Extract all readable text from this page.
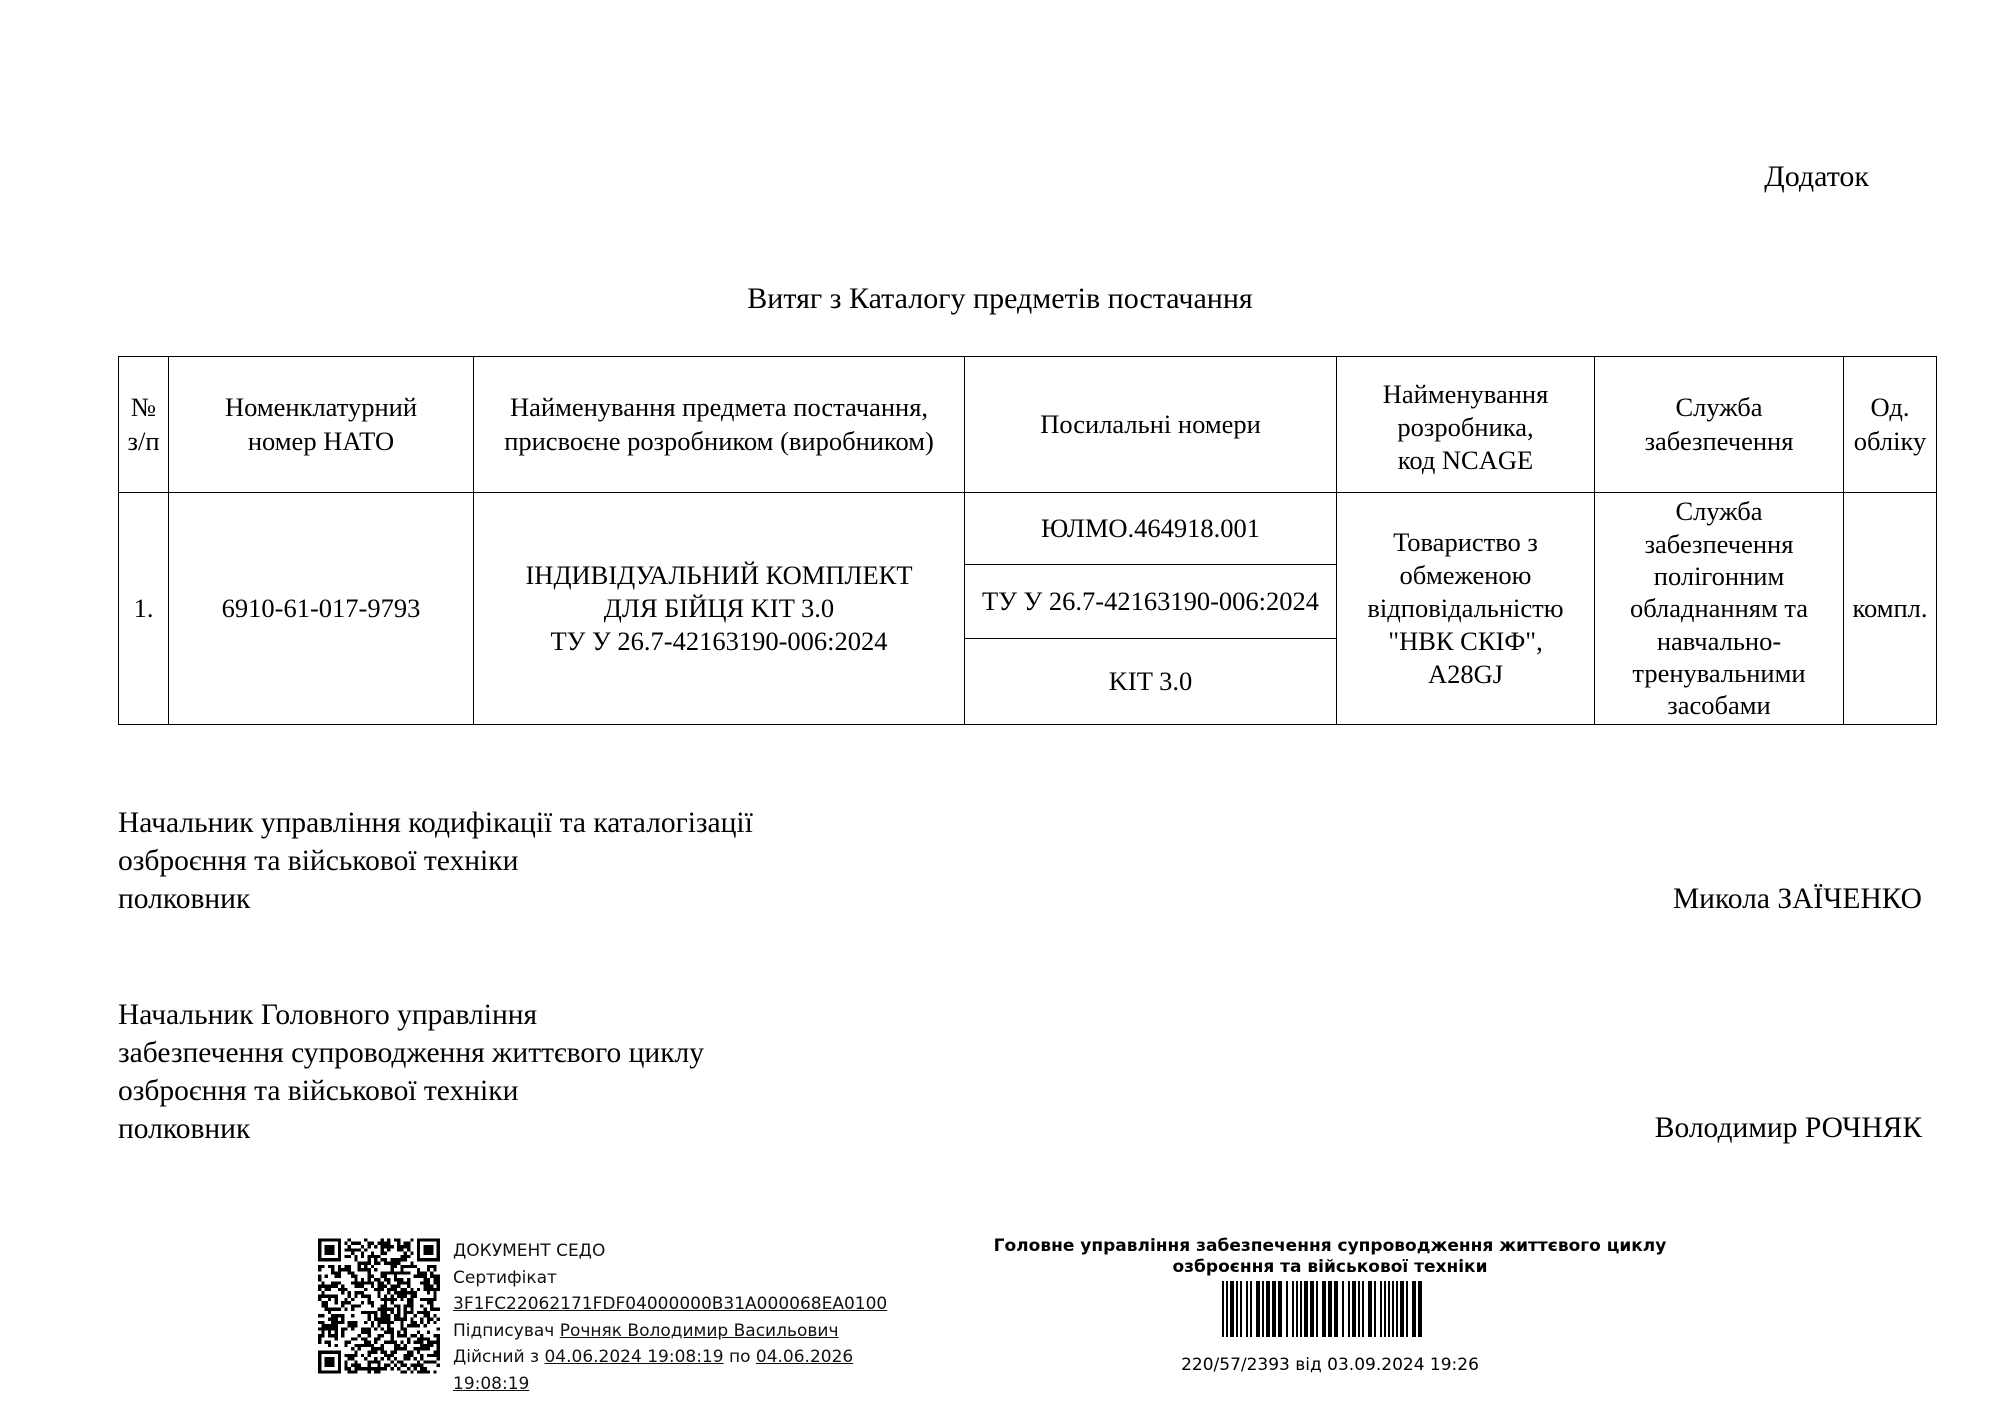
Додаток
Витяг з Каталогу предметів постачання
№
з/п	Номенклатурний
номер НАТО	Найменування предмета постачання,
присвоєне розробником (виробником)	Посилальні номери	Найменування
розробника,
код NCAGE	Служба
забезпечення	Од.
обліку
1.	6910-61-017-9793	ІНДИВІДУАЛЬНИЙ КОМПЛЕКТ
ДЛЯ БІЙЦЯ KIT 3.0
ТУ У 26.7-42163190-006:2024	ЮЛМО.464918.001	Товариство з
обмеженою
відповідальністю
"НВК СКІФ",
A28GJ	Служба
забезпечення
полігонним
обладнанням та
навчально-
тренувальними
засобами	компл.
ТУ У 26.7-42163190-006:2024
KIT 3.0
Начальник управління кодифікації та каталогізації
озброєння та військової техніки
полковник	Микола ЗАЇЧЕНКО
Начальник Головного управління
забезпечення супроводження життєвого циклу
озброєння та військової техніки
полковник	Володимир РОЧНЯК
ДОКУМЕНТ СЕДО
Сертифікат
3F1FC22062171FDF04000000B31A000068EA0100
Підписувач Рочняк Володимир Васильович
Дійсний з 04.06.2024 19:08:19 по 04.06.2026
19:08:19
Головне управління забезпечення супроводження життєвого циклу озброєння та військової техніки
220/57/2393 від 03.09.2024 19:26
